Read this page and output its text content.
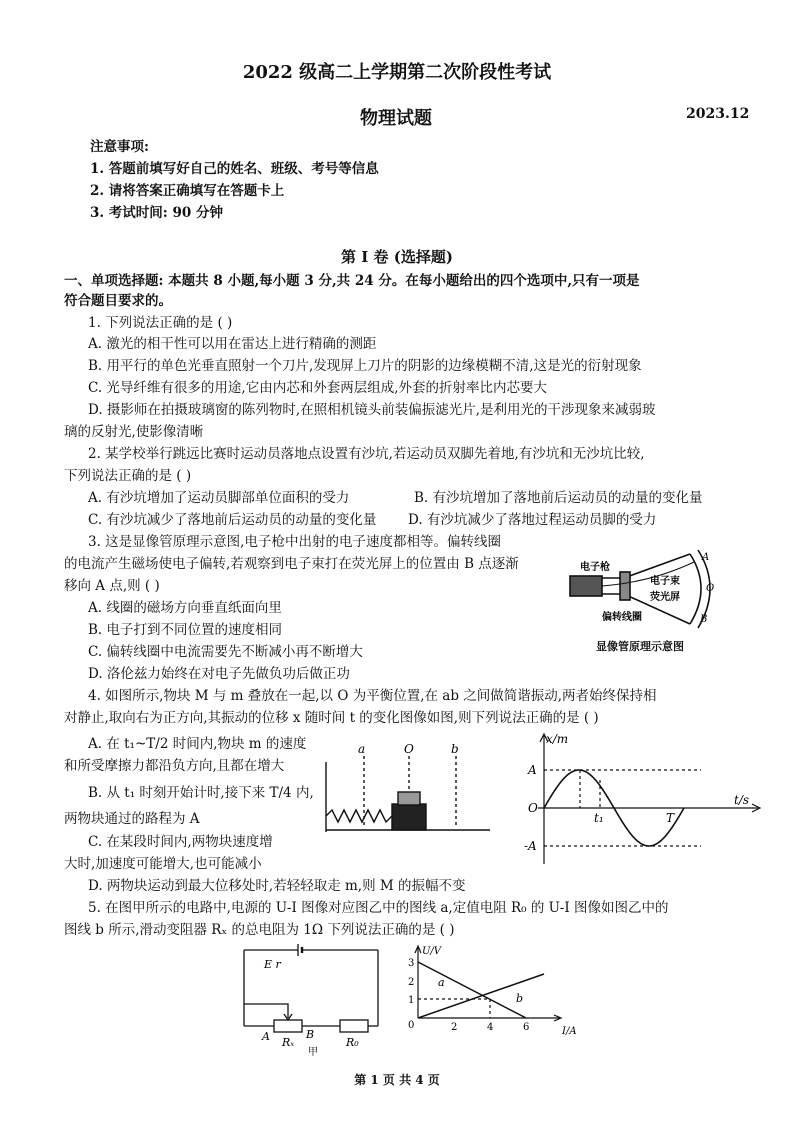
2022 级高二上学期第二次阶段性考试
物理试题	2023.12
注意事项:
1. 答题前填写好自己的姓名、班级、考号等信息
2. 请将答案正确填写在答题卡上
3. 考试时间: 90 分钟
第 I 卷 (选择题)
一、单项选择题: 本题共 8 小题,每小题 3 分,共 24 分。在每小题给出的四个选项中,只有一项是
符合题目要求的。
1. 下列说法正确的是 ( )
A. 激光的相干性可以用在雷达上进行精确的测距
B. 用平行的单色光垂直照射一个刀片,发现屏上刀片的阴影的边缘模糊不清,这是光的衍射现象
C. 光导纤维有很多的用途,它由内芯和外套两层组成,外套的折射率比内芯要大
D. 摄影师在拍摄玻璃窗的陈列物时,在照相机镜头前装偏振滤光片,是利用光的干涉现象来减弱玻
璃的反射光,使影像清晰
2. 某学校举行跳远比赛时运动员落地点设置有沙坑,若运动员双脚先着地,有沙坑和无沙坑比较,
下列说法正确的是 ( )
A. 有沙坑增加了运动员脚部单位面积的受力	B. 有沙坑增加了落地前后运动员的动量的变化量
C. 有沙坑减少了落地前后运动员的动量的变化量 D. 有沙坑减少了落地过程运动员脚的受力
3. 这是显像管原理示意图,电子枪中出射的电子速度都相等。偏转线圈
的电流产生磁场使电子偏转,若观察到电子束打在荧光屏上的位置由 B 点逐渐
移向 A 点,则 ( )
A. 线圈的磁场方向垂直纸面向里
B. 电子打到不同位置的速度相同
C. 偏转线圈中电流需要先不断减小再不断增大
D. 洛伦兹力始终在对电子先做负功后做正功
A
O
B
电子枪
电子束
荧光屏
偏转线圈
显像管原理示意图
4. 如图所示,物块 M 与 m 叠放在一起,以 O 为平衡位置,在 ab 之间做简谐振动,两者始终保持相
对静止,取向右为正方向,其振动的位移 x 随时间 t 的变化图像如图,则下列说法正确的是 ( )
A. 在 t₁~T/2 时间内,物块 m 的速度
和所受摩擦力都沿负方向,且都在增大
B. 从 t₁ 时刻开始计时,接下来 T/4 内,
两物块通过的路程为 A
C. 在某段时间内,两物块速度增
大时,加速度可能增大,也可能减小
D. 两物块运动到最大位移处时,若轻轻取走 m,则 M 的振幅不变
a	O	b
x/m
t/s
A
-A
O
t₁	T
5. 在图甲所示的电路中,电源的 U-I 图像对应图乙中的图线 a,定值电阻 R₀ 的 U-I 图像如图乙中的
图线 b 所示,滑动变阻器 Rₓ 的总电阻为 1Ω 下列说法正确的是 ( )
E r
A	B
Rₓ	R₀
甲
U/V
I/A
3
2
1
0	2	4	6
a
b
第 1 页 共 4 页
